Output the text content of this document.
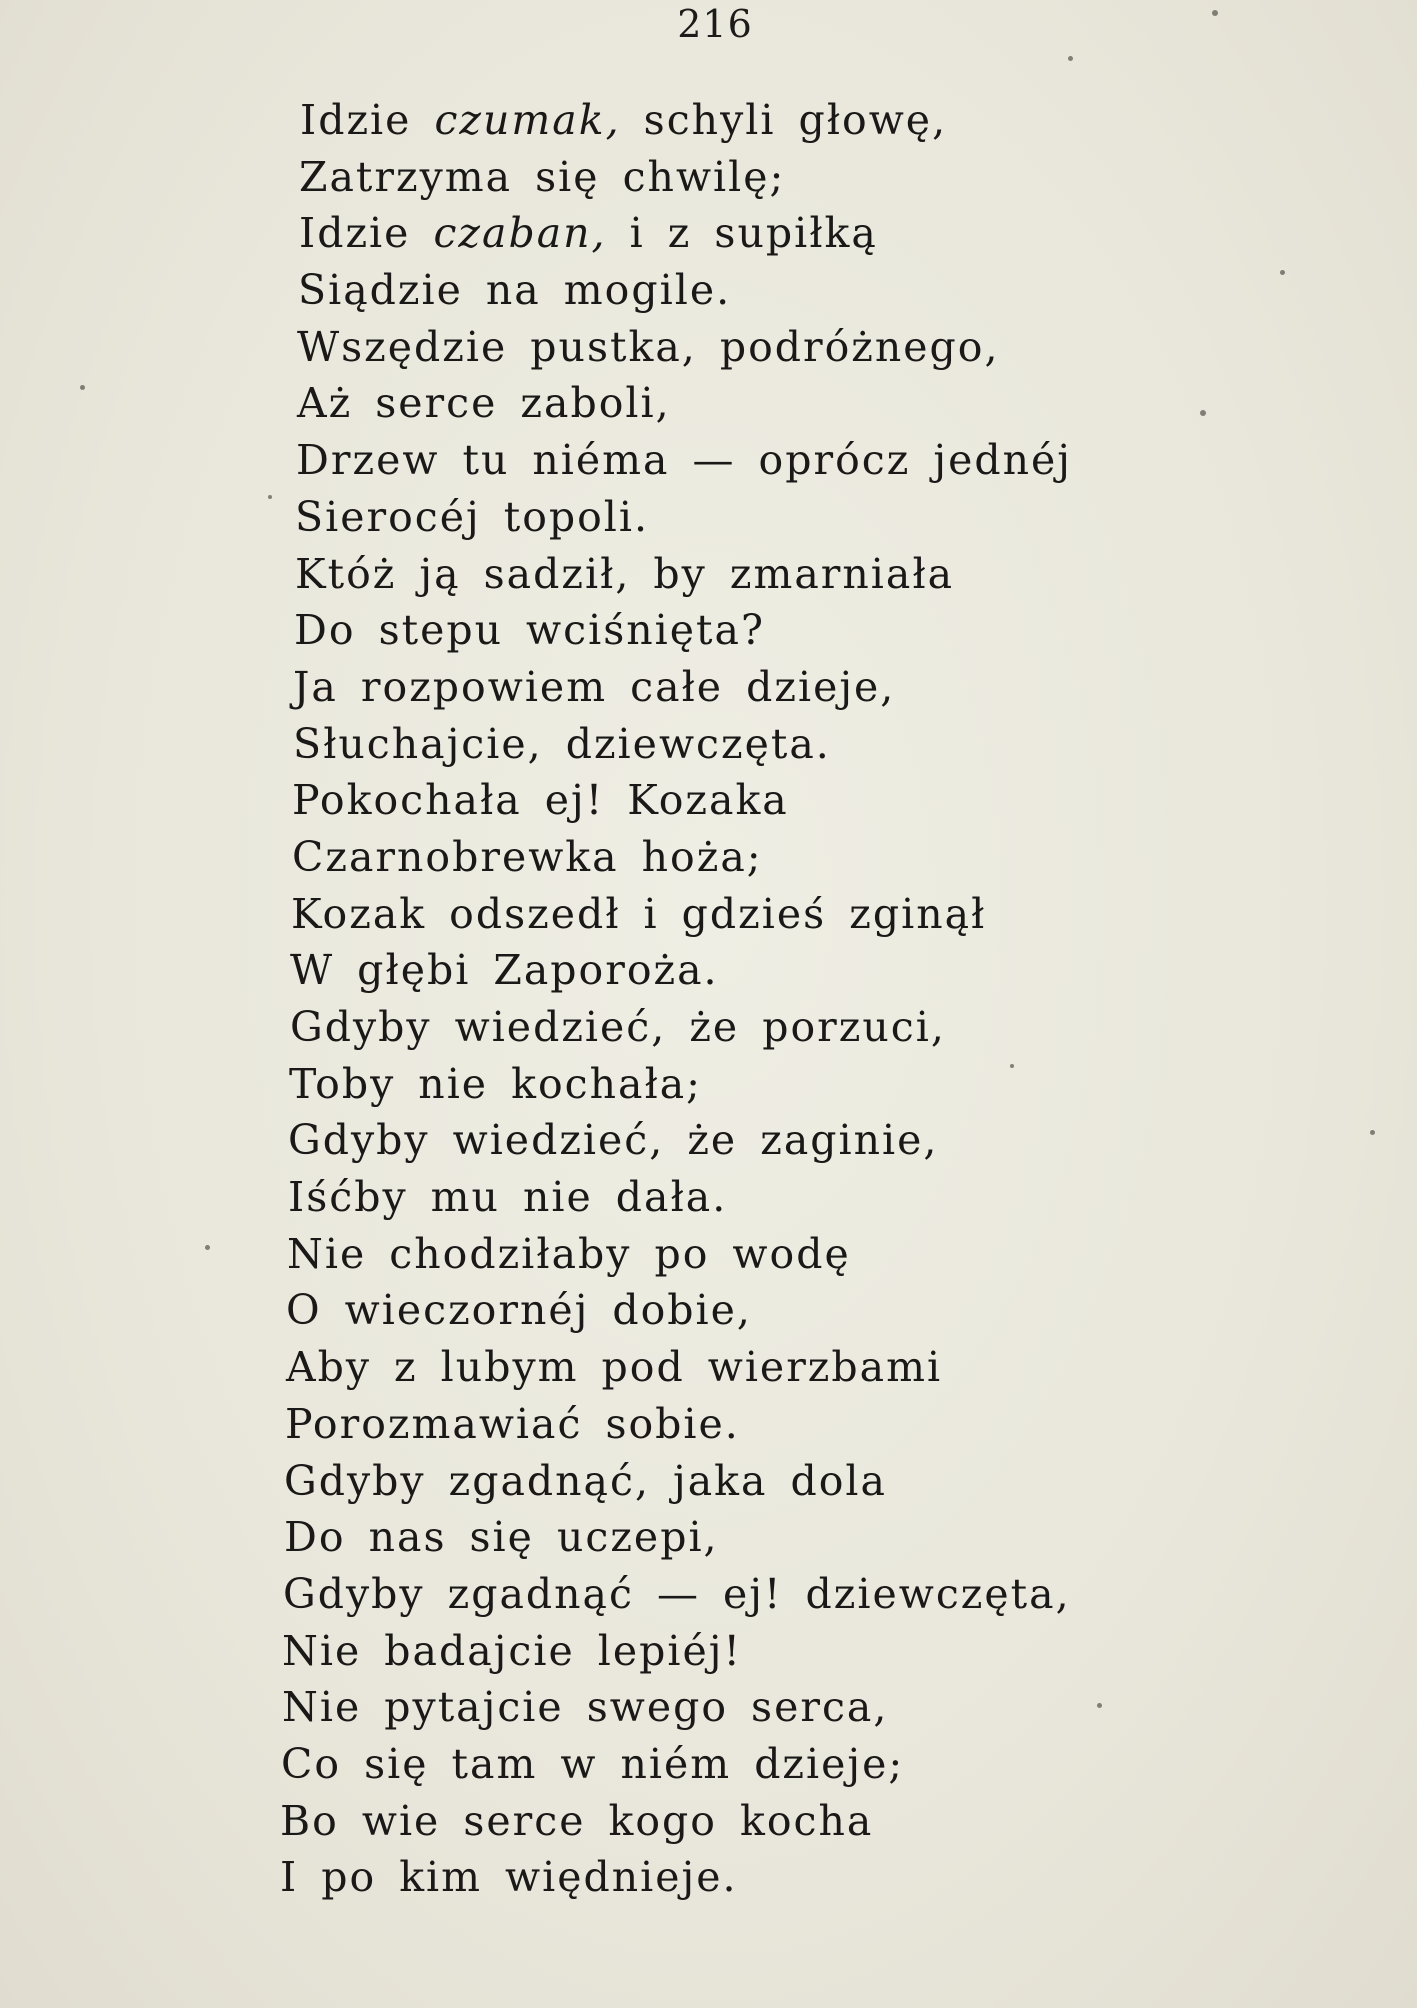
216
Idzie czumak, schyli głowę,
Zatrzyma się chwilę;
Idzie czaban, i z supiłką
Siądzie na mogile.
Wszędzie pustka, podróżnego,
Aż serce zaboli,
Drzew tu niéma — oprócz jednéj
Sierocéj topoli.
Któż ją sadził, by zmarniała
Do stepu wciśnięta?
Ja rozpowiem całe dzieje,
Słuchajcie, dziewczęta.
Pokochała ej! Kozaka
Czarnobrewka hoża;
Kozak odszedł i gdzieś zginął
W głębi Zaporoża.
Gdyby wiedzieć, że porzuci,
Toby nie kochała;
Gdyby wiedzieć, że zaginie,
Iśćby mu nie dała.
Nie chodziłaby po wodę
O wieczornéj dobie,
Aby z lubym pod wierzbami
Porozmawiać sobie.
Gdyby zgadnąć, jaka dola
Do nas się uczepi,
Gdyby zgadnąć — ej! dziewczęta,
Nie badajcie lepiéj!
Nie pytajcie swego serca,
Co się tam w niém dzieje;
Bo wie serce kogo kocha
I po kim więdnieje.
